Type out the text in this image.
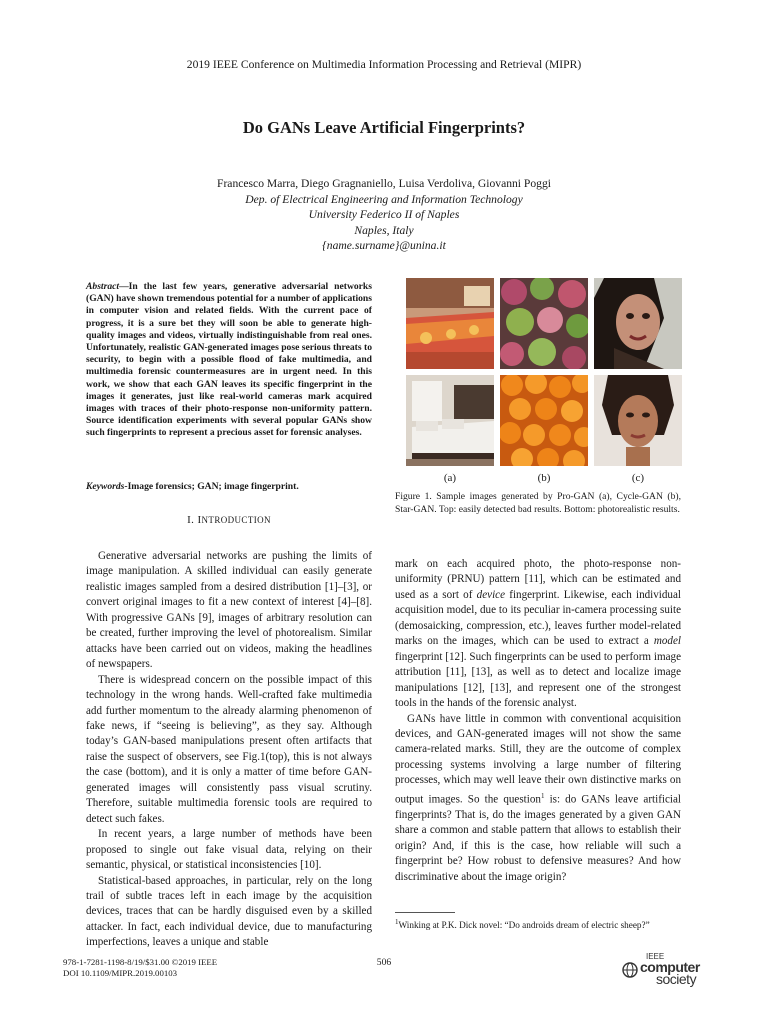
2019 IEEE Conference on Multimedia Information Processing and Retrieval (MIPR)
Do GANs Leave Artificial Fingerprints?
Francesco Marra, Diego Gragnaniello, Luisa Verdoliva, Giovanni Poggi
Dep. of Electrical Engineering and Information Technology
University Federico II of Naples
Naples, Italy
{name.surname}@unina.it
Abstract—In the last few years, generative adversarial networks (GAN) have shown tremendous potential for a number of applications in computer vision and related fields. With the current pace of progress, it is a sure bet they will soon be able to generate high-quality images and videos, virtually indistinguishable from real ones. Unfortunately, realistic GAN-generated images pose serious threats to security, to begin with a possible flood of fake multimedia, and multimedia forensic countermeasures are in urgent need. In this work, we show that each GAN leaves its specific fingerprint in the images it generates, just like real-world cameras mark acquired images with traces of their photo-response non-uniformity pattern. Source identification experiments with several popular GANs show such fingerprints to represent a precious asset for forensic analyses.
Keywords-Image forensics; GAN; image fingerprint.
I. INTRODUCTION

Generative adversarial networks are pushing the limits of image manipulation. A skilled individual can easily generate realistic images sampled from a desired distribution [1]–[3], or convert original images to fit a new context of interest [4]–[8]. With progressive GANs [9], images of arbitrary resolution can be created, further improving the level of photorealism. Similar attacks have been carried out on videos, making the headlines of newspapers.

There is widespread concern on the possible impact of this technology in the wrong hands. Well-crafted fake multimedia add further momentum to the already alarming phenomenon of fake news, if “seeing is believing”, as they say. Although today’s GAN-based manipulations present often artifacts that raise the suspect of observers, see Fig.1(top), this is not always the case (bottom), and it is only a matter of time before GAN-generated images will consistently pass visual scrutiny. Therefore, suitable multimedia forensic tools are required to detect such fakes.

In recent years, a large number of methods have been proposed to single out fake visual data, relying on their semantic, physical, or statistical inconsistencies [10].

Statistical-based approaches, in particular, rely on the long trail of subtle traces left in each image by the acquisition devices, traces that can be hardly disguised even by a skilled attacker. In fact, each individual device, due to manufacturing imperfections, leaves a unique and stable

(a)	(b)	(c)
Figure 1. Sample images generated by Pro-GAN (a), Cycle-GAN (b), Star-GAN. Top: easily detected bad results. Bottom: photorealistic results.

mark on each acquired photo, the photo-response non-uniformity (PRNU) pattern [11], which can be estimated and used as a sort of device fingerprint. Likewise, each individual acquisition model, due to its peculiar in-camera processing suite (demosaicking, compression, etc.), leaves further model-related marks on the images, which can be used to extract a model fingerprint [12]. Such fingerprints can be used to perform image attribution [11], [13], as well as to detect and localize image manipulations [12], [13], and represent one of the strongest tools in the hands of the forensic analyst.

GANs have little in common with conventional acquisition devices, and GAN-generated images will not show the same camera-related marks. Still, they are the outcome of complex processing systems involving a large number of filtering processes, which may well leave their own distinctive marks on output images. So the question$^1$ is: do GANs leave artificial fingerprints? That is, do the images generated by a given GAN share a common and stable pattern that allows to establish their origin? And, if this is the case, how reliable will such a fingerprint be? How robust to defensive measures? And how discriminative about the image origin?

$^1$Winking at P.K. Dick novel: “Do androids dream of electric sheep?”
978-1-7281-1198-8/19/$31.00 ©2019 IEEE
DOI 10.1109/MIPR.2019.00103
506
IEEE
computer
society
